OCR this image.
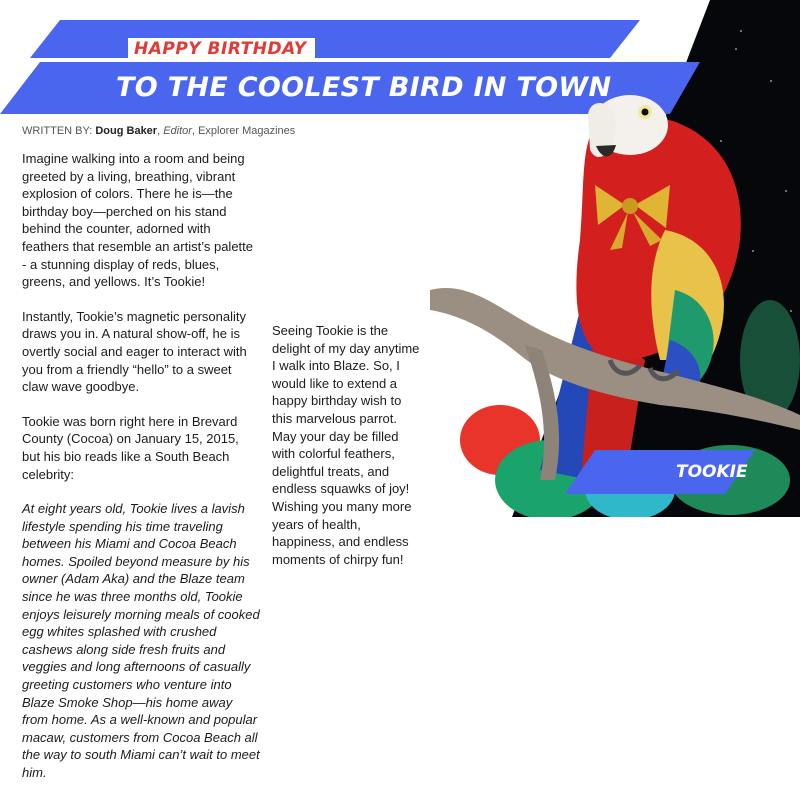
HAPPY BIRTHDAY
TO THE COOLEST BIRD IN TOWN
WRITTEN BY: Doug Baker, Editor, Explorer Magazines

Imagine walking into a room and being greeted by a living, breathing, vibrant explosion of colors. There he is—the birthday boy—perched on his stand behind the counter, adorned with feathers that resemble an artist’s palette - a stunning display of reds, blues, greens, and yellows. It’s Tookie!

Instantly, Tookie’s magnetic personality draws you in. A natural show-off, he is overtly social and eager to interact with you from a friendly “hello” to a sweet claw wave goodbye.

Tookie was born right here in Brevard County (Cocoa) on January 15, 2015, but his bio reads like a South Beach celebrity:

At eight years old, Tookie lives a lavish lifestyle spending his time traveling between his Miami and Cocoa Beach homes. Spoiled beyond measure by his owner (Adam Aka) and the Blaze team since he was three months old, Tookie enjoys leisurely morning meals of cooked egg whites splashed with crushed cashews along side fresh fruits and veggies and long afternoons of casually greeting customers who venture into Blaze Smoke Shop—his home away from home. As a well-known and popular macaw, customers from Cocoa Beach all the way to south Miami can’t wait to meet him.

Seeing Tookie is the delight of my day anytime I walk into Blaze. So, I would like to extend a happy birthday wish to this marvelous parrot. May your day be filled with colorful feathers, delightful treats, and endless squawks of joy! Wishing you many more years of health, happiness, and endless moments of chirpy fun!

TOOKIE
